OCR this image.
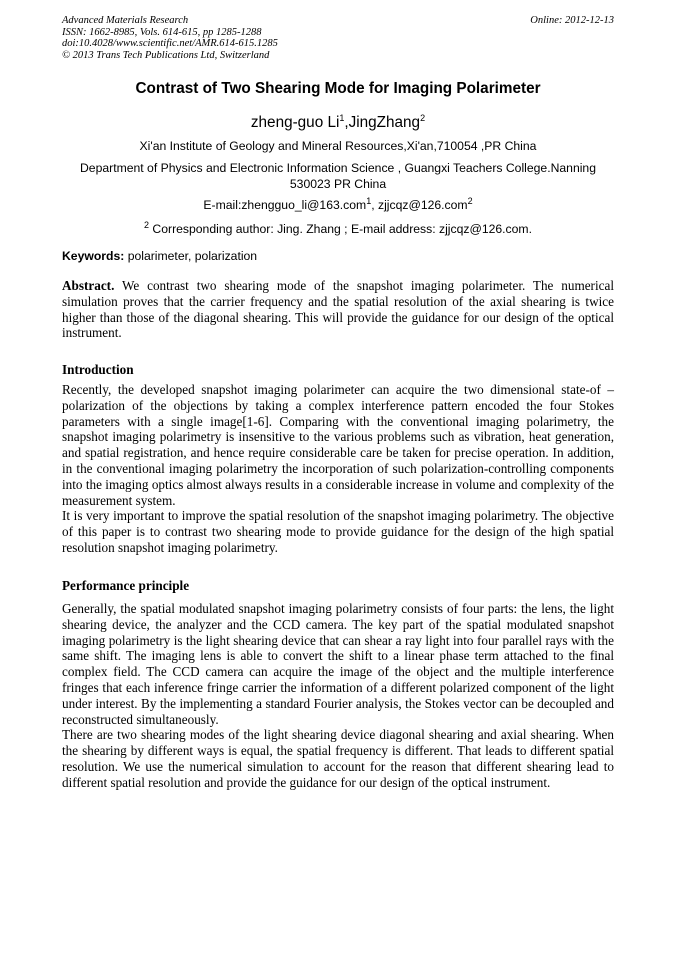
Advanced Materials Research
ISSN: 1662-8985, Vols. 614-615, pp 1285-1288
doi:10.4028/www.scientific.net/AMR.614-615.1285
© 2013 Trans Tech Publications Ltd, Switzerland
Online: 2012-12-13
Contrast of Two Shearing Mode for Imaging Polarimeter
zheng-guo Li$^1$,JingZhang$^2$
Xi'an Institute of Geology and Mineral Resources,Xi'an,710054 ,PR China
Department of Physics and Electronic Information Science , Guangxi Teachers College.Nanning 530023 PR China
E-mail:zhengguo_li@163.com$^1$, zjjcqz@126.com$^2$
$^2$ Corresponding author: Jing. Zhang ; E-mail address: zjjcqz@126.com.
Keywords: polarimeter, polarization
Abstract. We contrast two shearing mode of the snapshot imaging polarimeter. The numerical simulation proves that the carrier frequency and the spatial resolution of the axial shearing is twice higher than those of the diagonal shearing. This will provide the guidance for our design of the optical instrument.
Introduction

Recently, the developed snapshot imaging polarimeter can acquire the two dimensional state-of – polarization of the objections by taking a complex interference pattern encoded the four Stokes parameters with a single image[1-6]. Comparing with the conventional imaging polarimetry, the snapshot imaging polarimetry is insensitive to the various problems such as vibration, heat generation, and spatial registration, and hence require considerable care be taken for precise operation. In addition, in the conventional imaging polarimetry the incorporation of such polarization-controlling components into the imaging optics almost always results in a considerable increase in volume and complexity of the measurement system.

It is very important to improve the spatial resolution of the snapshot imaging polarimetry. The objective of this paper is to contrast two shearing mode to provide guidance for the design of the high spatial resolution snapshot imaging polarimetry.

Performance principle

Generally, the spatial modulated snapshot imaging polarimetry consists of four parts: the lens, the light shearing device, the analyzer and the CCD camera. The key part of the spatial modulated snapshot imaging polarimetry is the light shearing device that can shear a ray light into four parallel rays with the same shift. The imaging lens is able to convert the shift to a linear phase term attached to the final complex field. The CCD camera can acquire the image of the object and the multiple interference fringes that each inference fringe carrier the information of a different polarized component of the light under interest. By the implementing a standard Fourier analysis, the Stokes vector can be decoupled and reconstructed simultaneously.

There are two shearing modes of the light shearing device diagonal shearing and axial shearing. When the shearing by different ways is equal, the spatial frequency is different. That leads to different spatial resolution. We use the numerical simulation to account for the reason that different shearing lead to different spatial resolution and provide the guidance for our design of the optical instrument.
